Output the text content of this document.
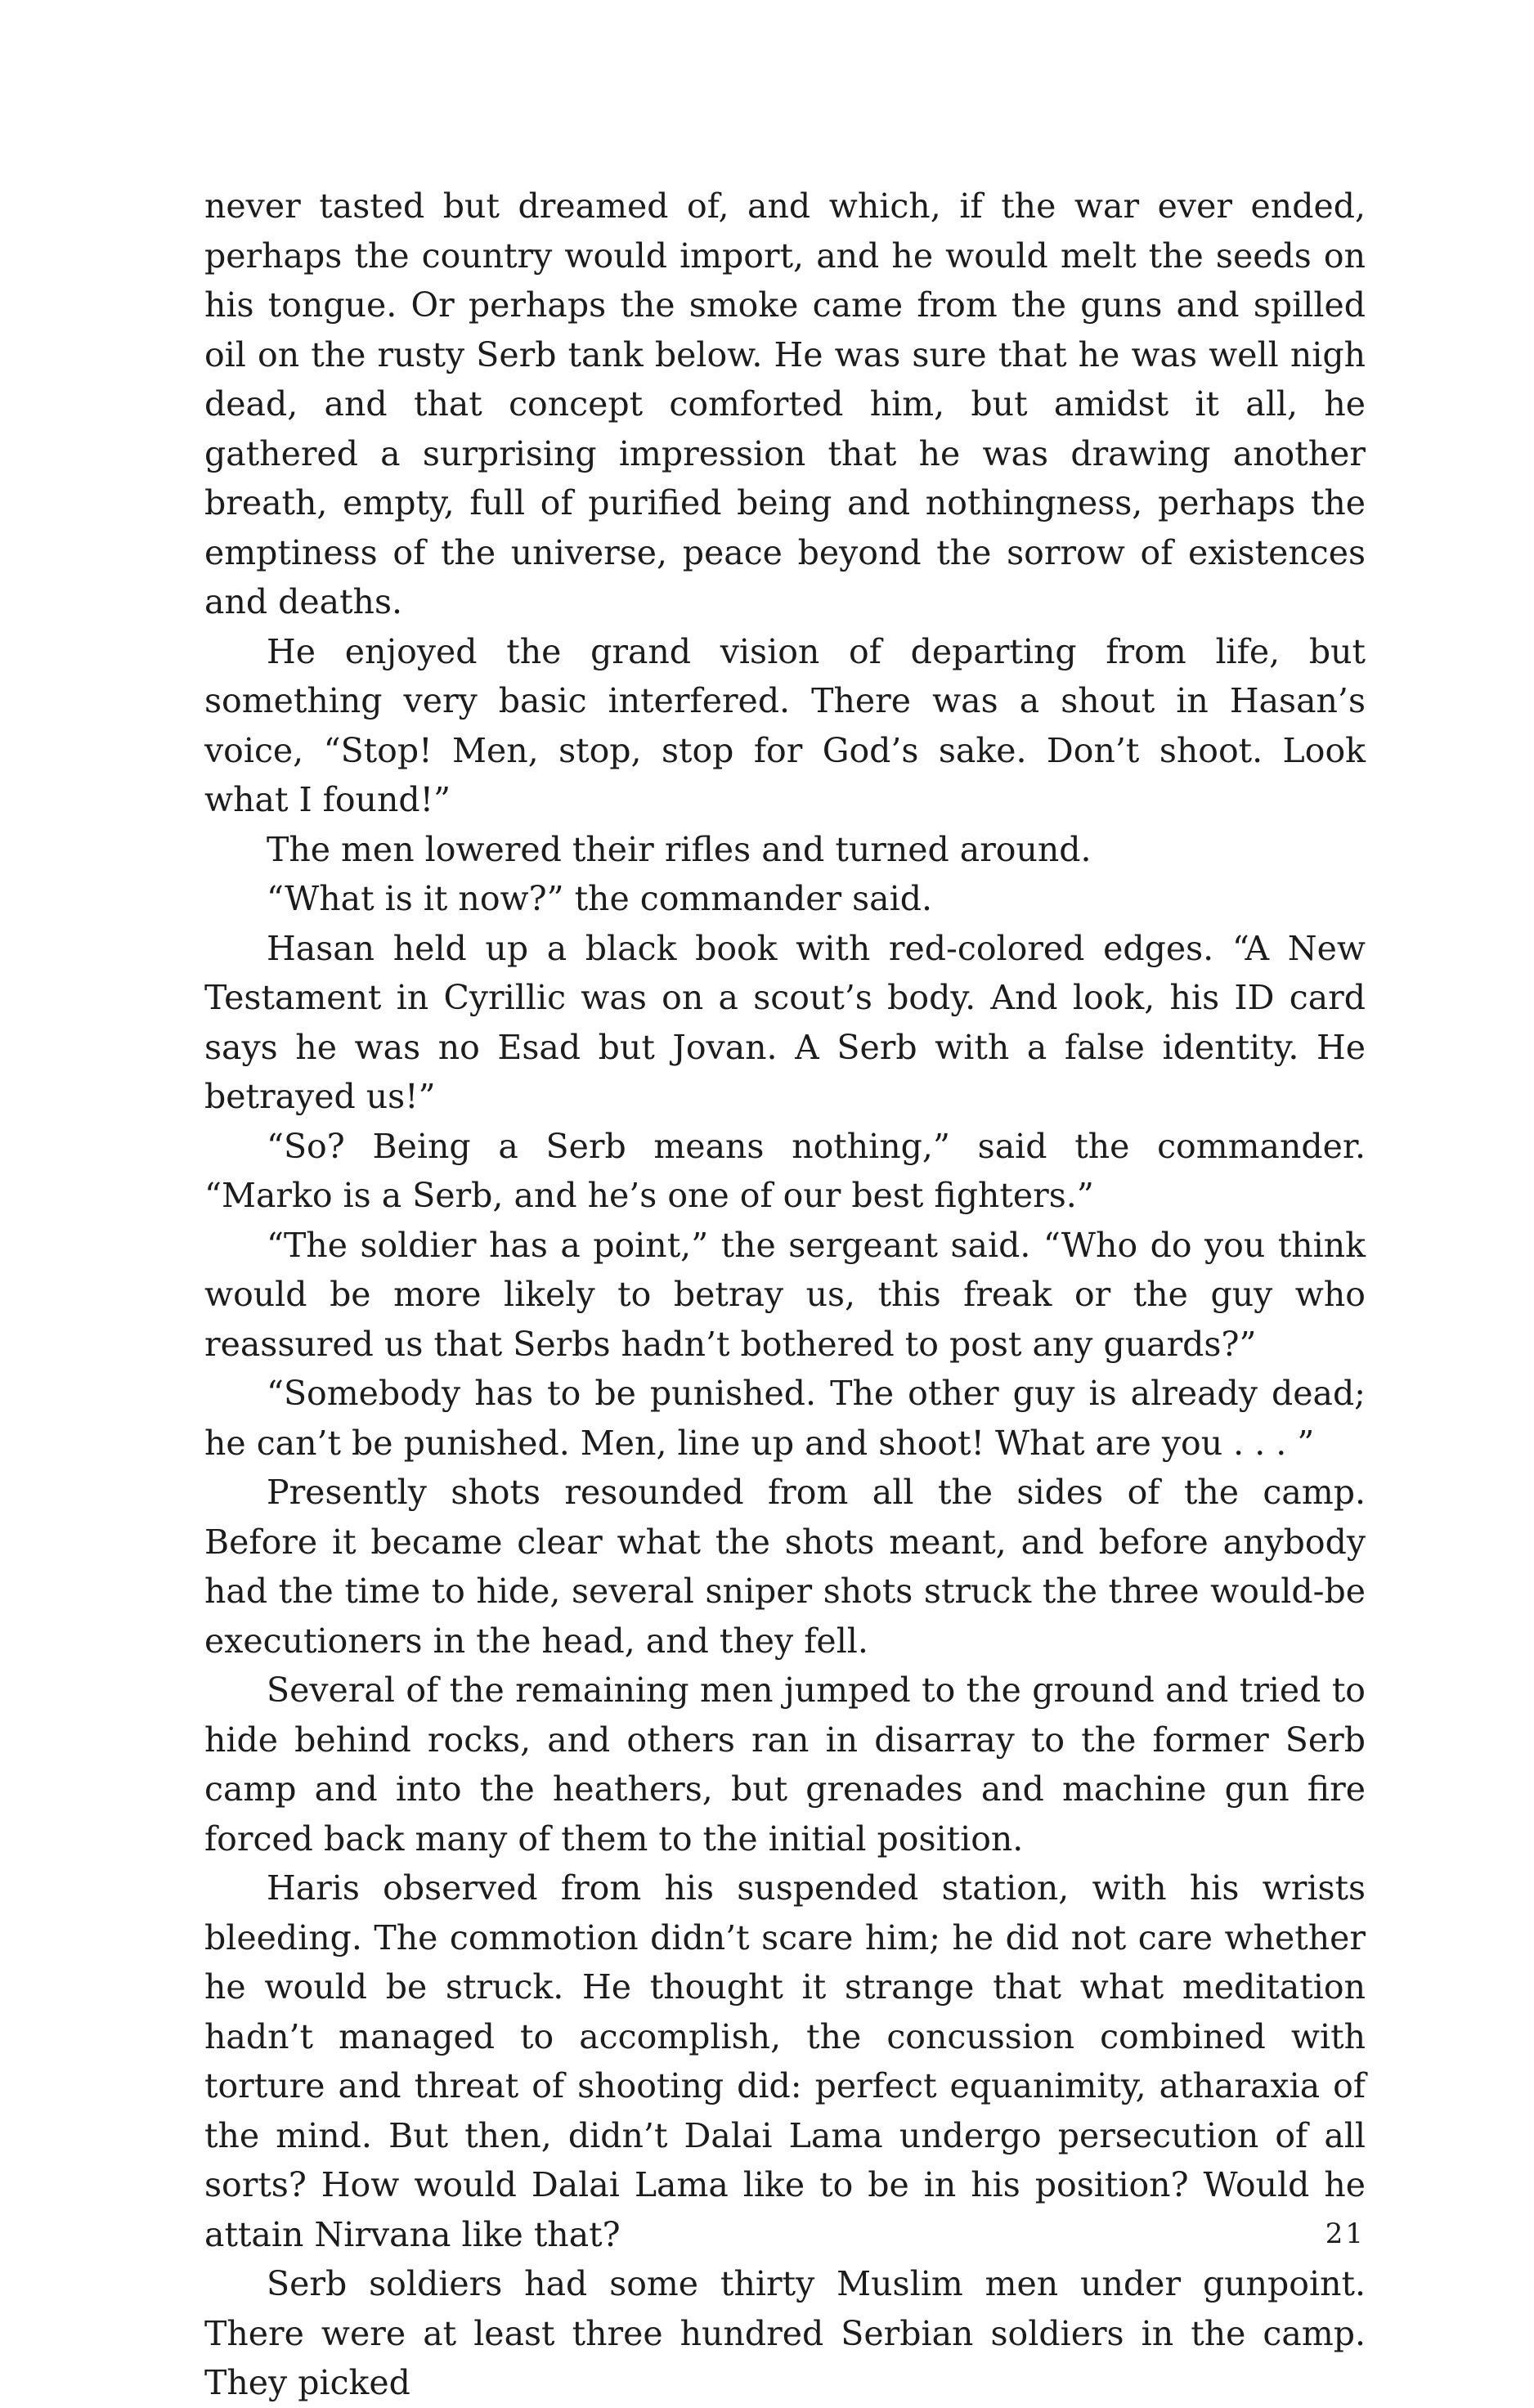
never tasted but dreamed of, and which, if the war ever ended, perhaps the country would import, and he would melt the seeds on his tongue. Or perhaps the smoke came from the guns and spilled oil on the rusty Serb tank below. He was sure that he was well nigh dead, and that concept comforted him, but amidst it all, he gathered a surprising impression that he was drawing another breath, empty, full of purified being and nothingness, perhaps the emptiness of the universe, peace beyond the sorrow of existences and deaths.

He enjoyed the grand vision of departing from life, but something very basic interfered. There was a shout in Hasan’s voice, “Stop! Men, stop, stop for God’s sake. Don’t shoot. Look what I found!”

The men lowered their rifles and turned around.

“What is it now?” the commander said.

Hasan held up a black book with red-colored edges. “A New Testament in Cyrillic was on a scout’s body. And look, his ID card says he was no Esad but Jovan. A Serb with a false identity. He betrayed us!”

“So? Being a Serb means nothing,” said the commander. “Marko is a Serb, and he’s one of our best fighters.”

“The soldier has a point,” the sergeant said. “Who do you think would be more likely to betray us, this freak or the guy who reassured us that Serbs hadn’t bothered to post any guards?”

“Somebody has to be punished. The other guy is already dead; he can’t be punished. Men, line up and shoot! What are you . . . ”

Presently shots resounded from all the sides of the camp. Before it became clear what the shots meant, and before anybody had the time to hide, several sniper shots struck the three would-be executioners in the head, and they fell.

Several of the remaining men jumped to the ground and tried to hide behind rocks, and others ran in disarray to the former Serb camp and into the heathers, but grenades and machine gun fire forced back many of them to the initial position.

Haris observed from his suspended station, with his wrists bleeding. The commotion didn’t scare him; he did not care whether he would be struck. He thought it strange that what meditation hadn’t managed to accomplish, the concussion combined with torture and threat of shooting did: perfect equanimity, atharaxia of the mind. But then, didn’t Dalai Lama undergo persecution of all sorts? How would Dalai Lama like to be in his position? Would he attain Nirvana like that?

Serb soldiers had some thirty Muslim men under gunpoint. There were at least three hundred Serbian soldiers in the camp. They picked

21
